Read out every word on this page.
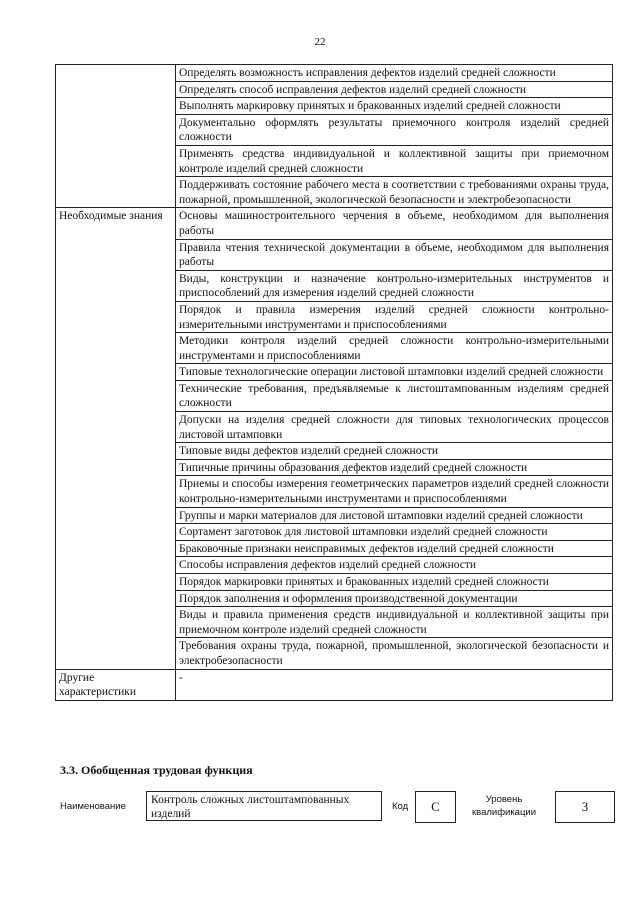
22
	Определять возможность исправления дефектов изделий средней сложности
	Определять способ исправления дефектов изделий средней сложности
	Выполнять маркировку принятых и бракованных изделий средней сложности
	Документально оформлять результаты приемочного контроля изделий средней сложности
	Применять средства индивидуальной и коллективной защиты при приемочном контроле изделий средней сложности
	Поддерживать состояние рабочего места в соответствии с требованиями охраны труда, пожарной, промышленной, экологической безопасности и электробезопасности
Необходимые знания	Основы машиностроительного черчения в объеме, необходимом для выполнения работы
	Правила чтения технической документации в объеме, необходимом для выполнения работы
	Виды, конструкции и назначение контрольно-измерительных инструментов и приспособлений для измерения изделий средней сложности
	Порядок и правила измерения изделий средней сложности контрольно-измерительными инструментами и приспособлениями
	Методики контроля изделий средней сложности контрольно-измерительными инструментами и приспособлениями
	Типовые технологические операции листовой штамповки изделий средней сложности
	Технические требования, предъявляемые к листоштампованным изделиям средней сложности
	Допуски на изделия средней сложности для типовых технологических процессов листовой штамповки
	Типовые виды дефектов изделий средней сложности
	Типичные причины образования дефектов изделий средней сложности
	Приемы и способы измерения геометрических параметров изделий средней сложности контрольно-измерительными инструментами и приспособлениями
	Группы и марки материалов для листовой штамповки изделий средней сложности
	Сортамент заготовок для листовой штамповки изделий средней сложности
	Браковочные признаки неисправимых дефектов изделий средней сложности
	Способы исправления дефектов изделий средней сложности
	Порядок маркировки принятых и бракованных изделий средней сложности
	Порядок заполнения и оформления производственной документации
	Виды и правила применения средств индивидуальной и коллективной защиты при приемочном контроле изделий средней сложности
	Требования охраны труда, пожарной, промышленной, экологической безопасности и электробезопасности
Другие характеристики	-
3.3. Обобщенная трудовая функция
Наименование
Контроль сложных листоштампованных изделий
Код	C	Уровень квалификации	3
